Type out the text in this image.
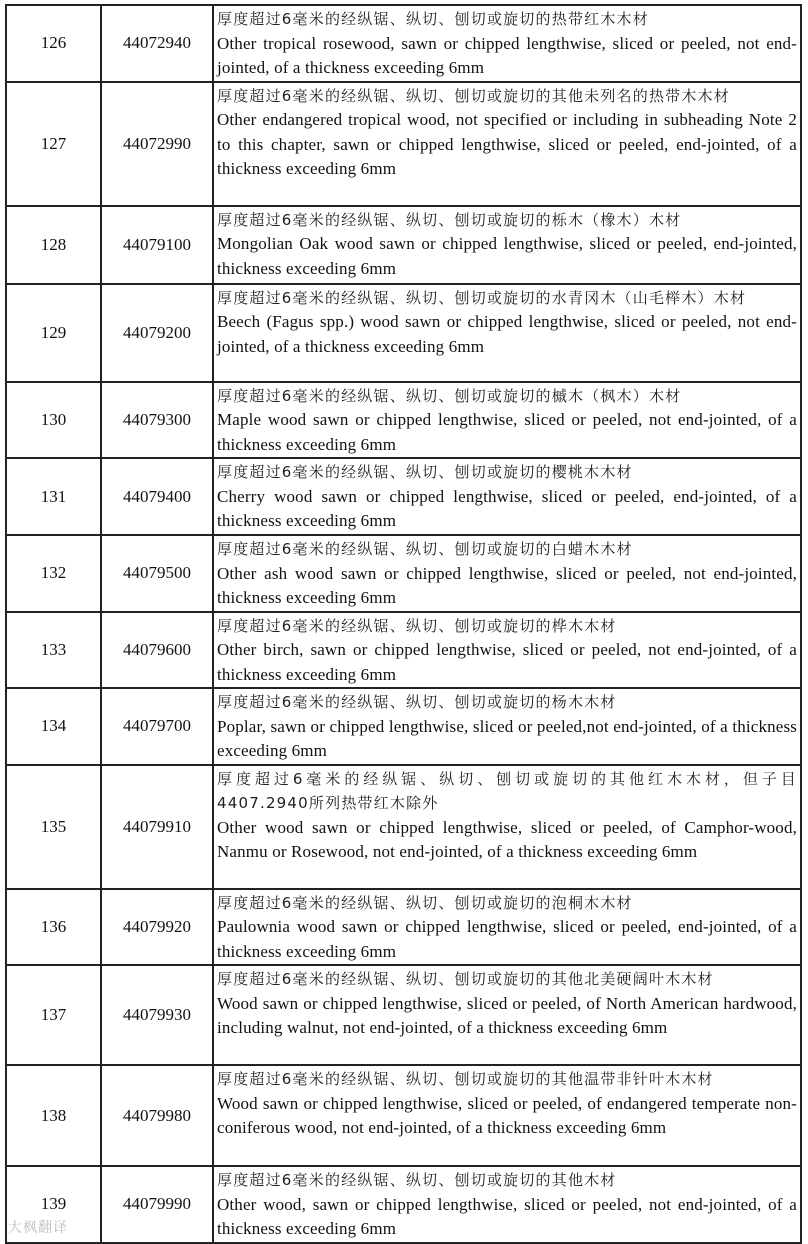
126	44072940	厚度超过6毫米的经纵锯、纵切、刨切或旋切的热带红木木材
Other tropical rosewood, sawn or chipped lengthwise, sliced or peeled, not end-jointed, of a thickness exceeding 6mm

127	44072990	厚度超过6毫米的经纵锯、纵切、刨切或旋切的其他未列名的热带木木材
Other endangered tropical wood, not specified or including in subheading Note 2 to this chapter, sawn or chipped lengthwise, sliced or peeled, end-jointed, of a thickness exceeding 6mm

128	44079100	厚度超过6毫米的经纵锯、纵切、刨切或旋切的栎木（橡木）木材
Mongolian Oak wood sawn or chipped lengthwise, sliced or peeled, end-jointed, thickness exceeding 6mm

129	44079200	厚度超过6毫米的经纵锯、纵切、刨切或旋切的水青冈木（山毛榉木）木材
Beech (Fagus spp.) wood sawn or chipped lengthwise, sliced or peeled, not end-jointed, of a thickness exceeding 6mm

130	44079300	厚度超过6毫米的经纵锯、纵切、刨切或旋切的槭木（枫木）木材
Maple wood sawn or chipped lengthwise, sliced or peeled, not end-jointed, of a thickness exceeding 6mm

131	44079400	厚度超过6毫米的经纵锯、纵切、刨切或旋切的樱桃木木材
Cherry wood sawn or chipped lengthwise, sliced or peeled, end-jointed, of a thickness exceeding 6mm

132	44079500	厚度超过6毫米的经纵锯、纵切、刨切或旋切的白蜡木木材
Other ash wood sawn or chipped lengthwise, sliced or peeled, not end-jointed, thickness exceeding 6mm

133	44079600	厚度超过6毫米的经纵锯、纵切、刨切或旋切的桦木木材
Other birch, sawn or chipped lengthwise, sliced or peeled, not end-jointed, of a thickness exceeding 6mm

134	44079700	厚度超过6毫米的经纵锯、纵切、刨切或旋切的杨木木材
Poplar, sawn or chipped lengthwise, sliced or peeled,not end-jointed, of a thickness exceeding 6mm

135	44079910	厚度超过6毫米的经纵锯、纵切、刨切或旋切的其他红木木材，但子目4407.2940所列热带红木除外
Other wood sawn or chipped lengthwise, sliced or peeled, of Camphor-wood, Nanmu or Rosewood, not end-jointed, of a thickness exceeding 6mm

136	44079920	厚度超过6毫米的经纵锯、纵切、刨切或旋切的泡桐木木材
Paulownia wood sawn or chipped lengthwise, sliced or peeled, end-jointed, of a thickness exceeding 6mm

137	44079930	厚度超过6毫米的经纵锯、纵切、刨切或旋切的其他北美硬阔叶木木材
Wood sawn or chipped lengthwise, sliced or peeled, of North American hardwood, including walnut, not end-jointed, of a thickness exceeding 6mm

138	44079980	厚度超过6毫米的经纵锯、纵切、刨切或旋切的其他温带非针叶木木材
Wood sawn or chipped lengthwise, sliced or peeled, of endangered temperate non-coniferous wood, not end-jointed, of a thickness exceeding 6mm

139	44079990	厚度超过6毫米的经纵锯、纵切、刨切或旋切的其他木材
Other wood, sawn or chipped lengthwise, sliced or peeled, not end-jointed, of a thickness exceeding 6mm
大枫翻译
